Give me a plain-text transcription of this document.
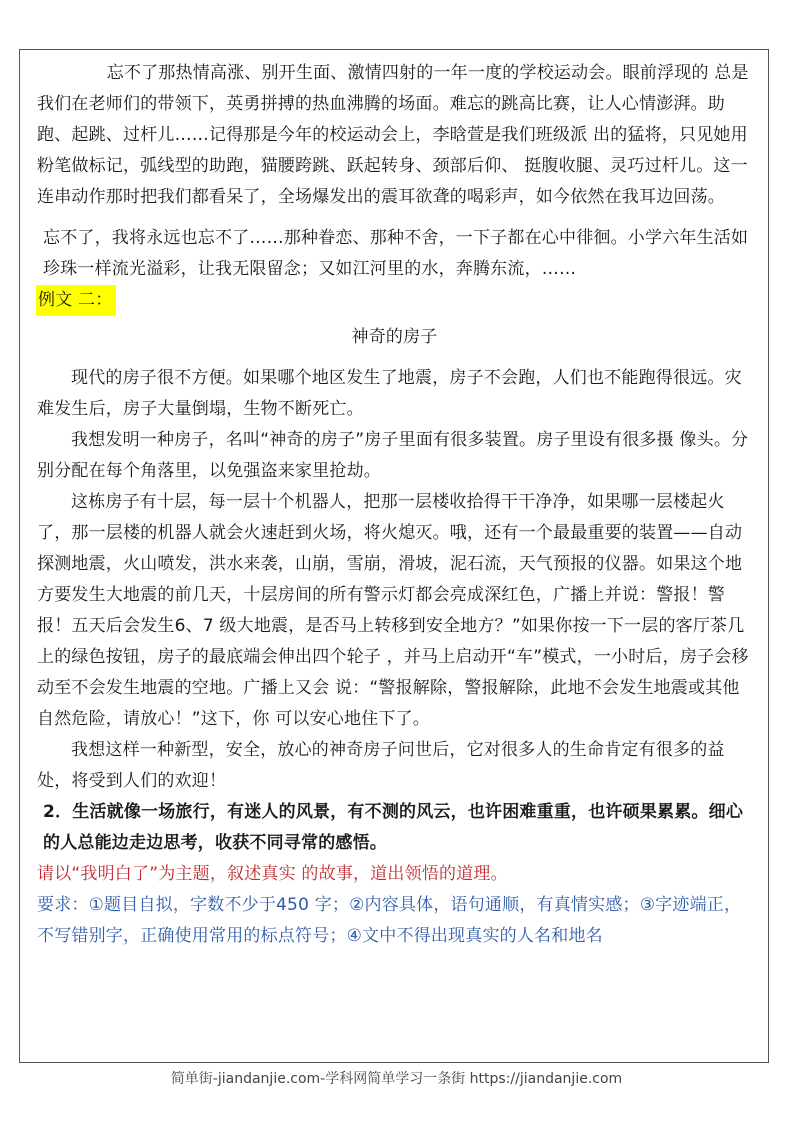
忘不了那热情高涨、别开生面、激情四射的一年一度的学校运动会。眼前浮现的 总是我们在老师们的带领下，英勇拼搏的热血沸腾的场面。难忘的跳高比赛，让人心情澎湃。助跑、起跳、过杆儿……记得那是今年的校运动会上，李晗萱是我们班级派 出的猛将，只见她用粉笔做标记，弧线型的助跑，猫腰跨跳、跃起转身、颈部后仰、 挺腹收腿、灵巧过杆儿。这一连串动作那时把我们都看呆了，全场爆发出的震耳欲聋的喝彩声，如今依然在我耳边回荡。

忘不了，我将永远也忘不了……那种眷恋、那种不舍，一下子都在心中徘徊。小学六年生活如珍珠一样流光溢彩，让我无限留念；又如江河里的水，奔腾东流，……

例文 二：

神奇的房子

现代的房子很不方便。如果哪个地区发生了地震，房子不会跑，人们也不能跑得很远。灾难发生后，房子大量倒塌，生物不断死亡。

我想发明一种房子，名叫“神奇的房子”房子里面有很多装置。房子里设有很多摄 像头。分别分配在每个角落里，以免强盗来家里抢劫。

这栋房子有十层，每一层十个机器人，把那一层楼收拾得干干净净，如果哪一层楼起火了，那一层楼的机器人就会火速赶到火场，将火熄灭。哦，还有一个最最重要的装置——自动探测地震，火山喷发，洪水来袭，山崩，雪崩，滑坡，泥石流，天气预报的仪器。如果这个地方要发生大地震的前几天，十层房间的所有警示灯都会亮成深红色，广播上并说：警报！警报！五天后会发生6、7 级大地震，是否马上转移到安全地方？”如果你按一下一层的客厅茶几上的绿色按钮，房子的最底端会伸出四个轮子 ，并马上启动开“车”模式，一小时后，房子会移动至不会发生地震的空地。广播上又会 说：“警报解除，警报解除，此地不会发生地震或其他自然危险，请放心！”这下，你 可以安心地住下了。

我想这样一种新型，安全，放心的神奇房子问世后，它对很多人的生命肯定有很多的益处，将受到人们的欢迎！

2．生活就像一场旅行，有迷人的风景，有不测的风云，也许困难重重，也许硕果累累。细心的人总能边走边思考，收获不同寻常的感悟。

请以“我明白了”为主题，叙述真实 的故事，道出领悟的道理。

要求：①题目自拟，字数不少于450 字；②内容具体，语句通顺，有真情实感；③字迹端正，不写错别字，正确使用常用的标点符号；④文中不得出现真实的人名和地名

简单街-jiandanjie.com-学科网简单学习一条街 https://jiandanjie.com
